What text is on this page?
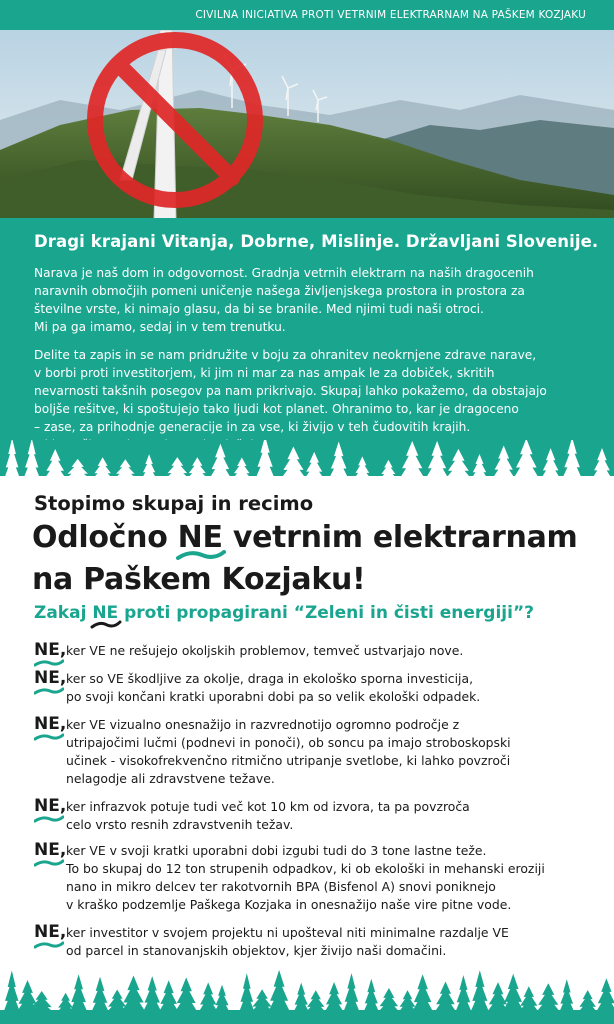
CIVILNA INICIATIVA PROTI VETRNIM ELEKTRARNAM NA PAŠKEM KOZJAKU
Dragi krajani Vitanja, Dobrne, Mislinje. Državljani Slovenije.
Narava je naš dom in odgovornost. Gradnja vetrnih elektrarn na naših dragocenih
naravnih območjih pomeni uničenje našega življenjskega prostora in prostora za
številne vrste, ki nimajo glasu, da bi se branile. Med njimi tudi naši otroci.
Mi pa ga imamo, sedaj in v tem trenutku.
Delite ta zapis in se nam pridružite v boju za ohranitev neokrnjene zdrave narave,
v borbi proti investitorjem, ki jim ni mar za nas ampak le za dobiček, skritih
nevarnosti takšnih posegov pa nam prikrivajo. Skupaj lahko pokažemo, da obstajajo
boljše rešitve, ki spoštujejo tako ljudi kot planet. Ohranimo to, kar je dragoceno
– zase, za prihodnje generacije in za vse, ki živijo v teh čudovitih krajih.
Stopimo skupaj in recimo
Odločno NE
vetrnim elektrarnam
na Paškem Kozjaku!
Zakaj NE
proti propagirani “Zeleni in čisti energiji”?
NE, ker VE ne rešujejo okoljskih problemov, temveč ustvarjajo nove.
NE, ker so VE škodljive za okolje, draga in ekološko sporna investicija,
po svoji končani kratki uporabni dobi pa so velik ekološki odpadek.
NE, ker VE vizualno onesnažijo in razvrednotijo ogromno področje z
utripajočimi lučmi (podnevi in ponoči), ob soncu pa imajo stroboskopski
učinek - visokofrekvenčno ritmično utripanje svetlobe, ki lahko povzroči
nelagodje ali zdravstvene težave.
NE, ker infrazvok potuje tudi več kot 10 km od izvora, ta pa povzroča
celo vrsto resnih zdravstvenih težav.
NE, ker VE v svoji kratki uporabni dobi izgubi tudi do 3 tone lastne teže.
To bo skupaj do 12 ton strupenih odpadkov, ki ob ekološki in mehanski eroziji
nano in mikro delcev ter rakotvornih BPA (Bisfenol A) snovi poniknejo
v kraško podzemlje Paškega Kozjaka in onesnažijo naše vire pitne vode.
NE, ker investitor v svojem projektu ni upošteval niti minimalne razdalje VE
od parcel in stanovanjskih objektov, kjer živijo naši domačini.
